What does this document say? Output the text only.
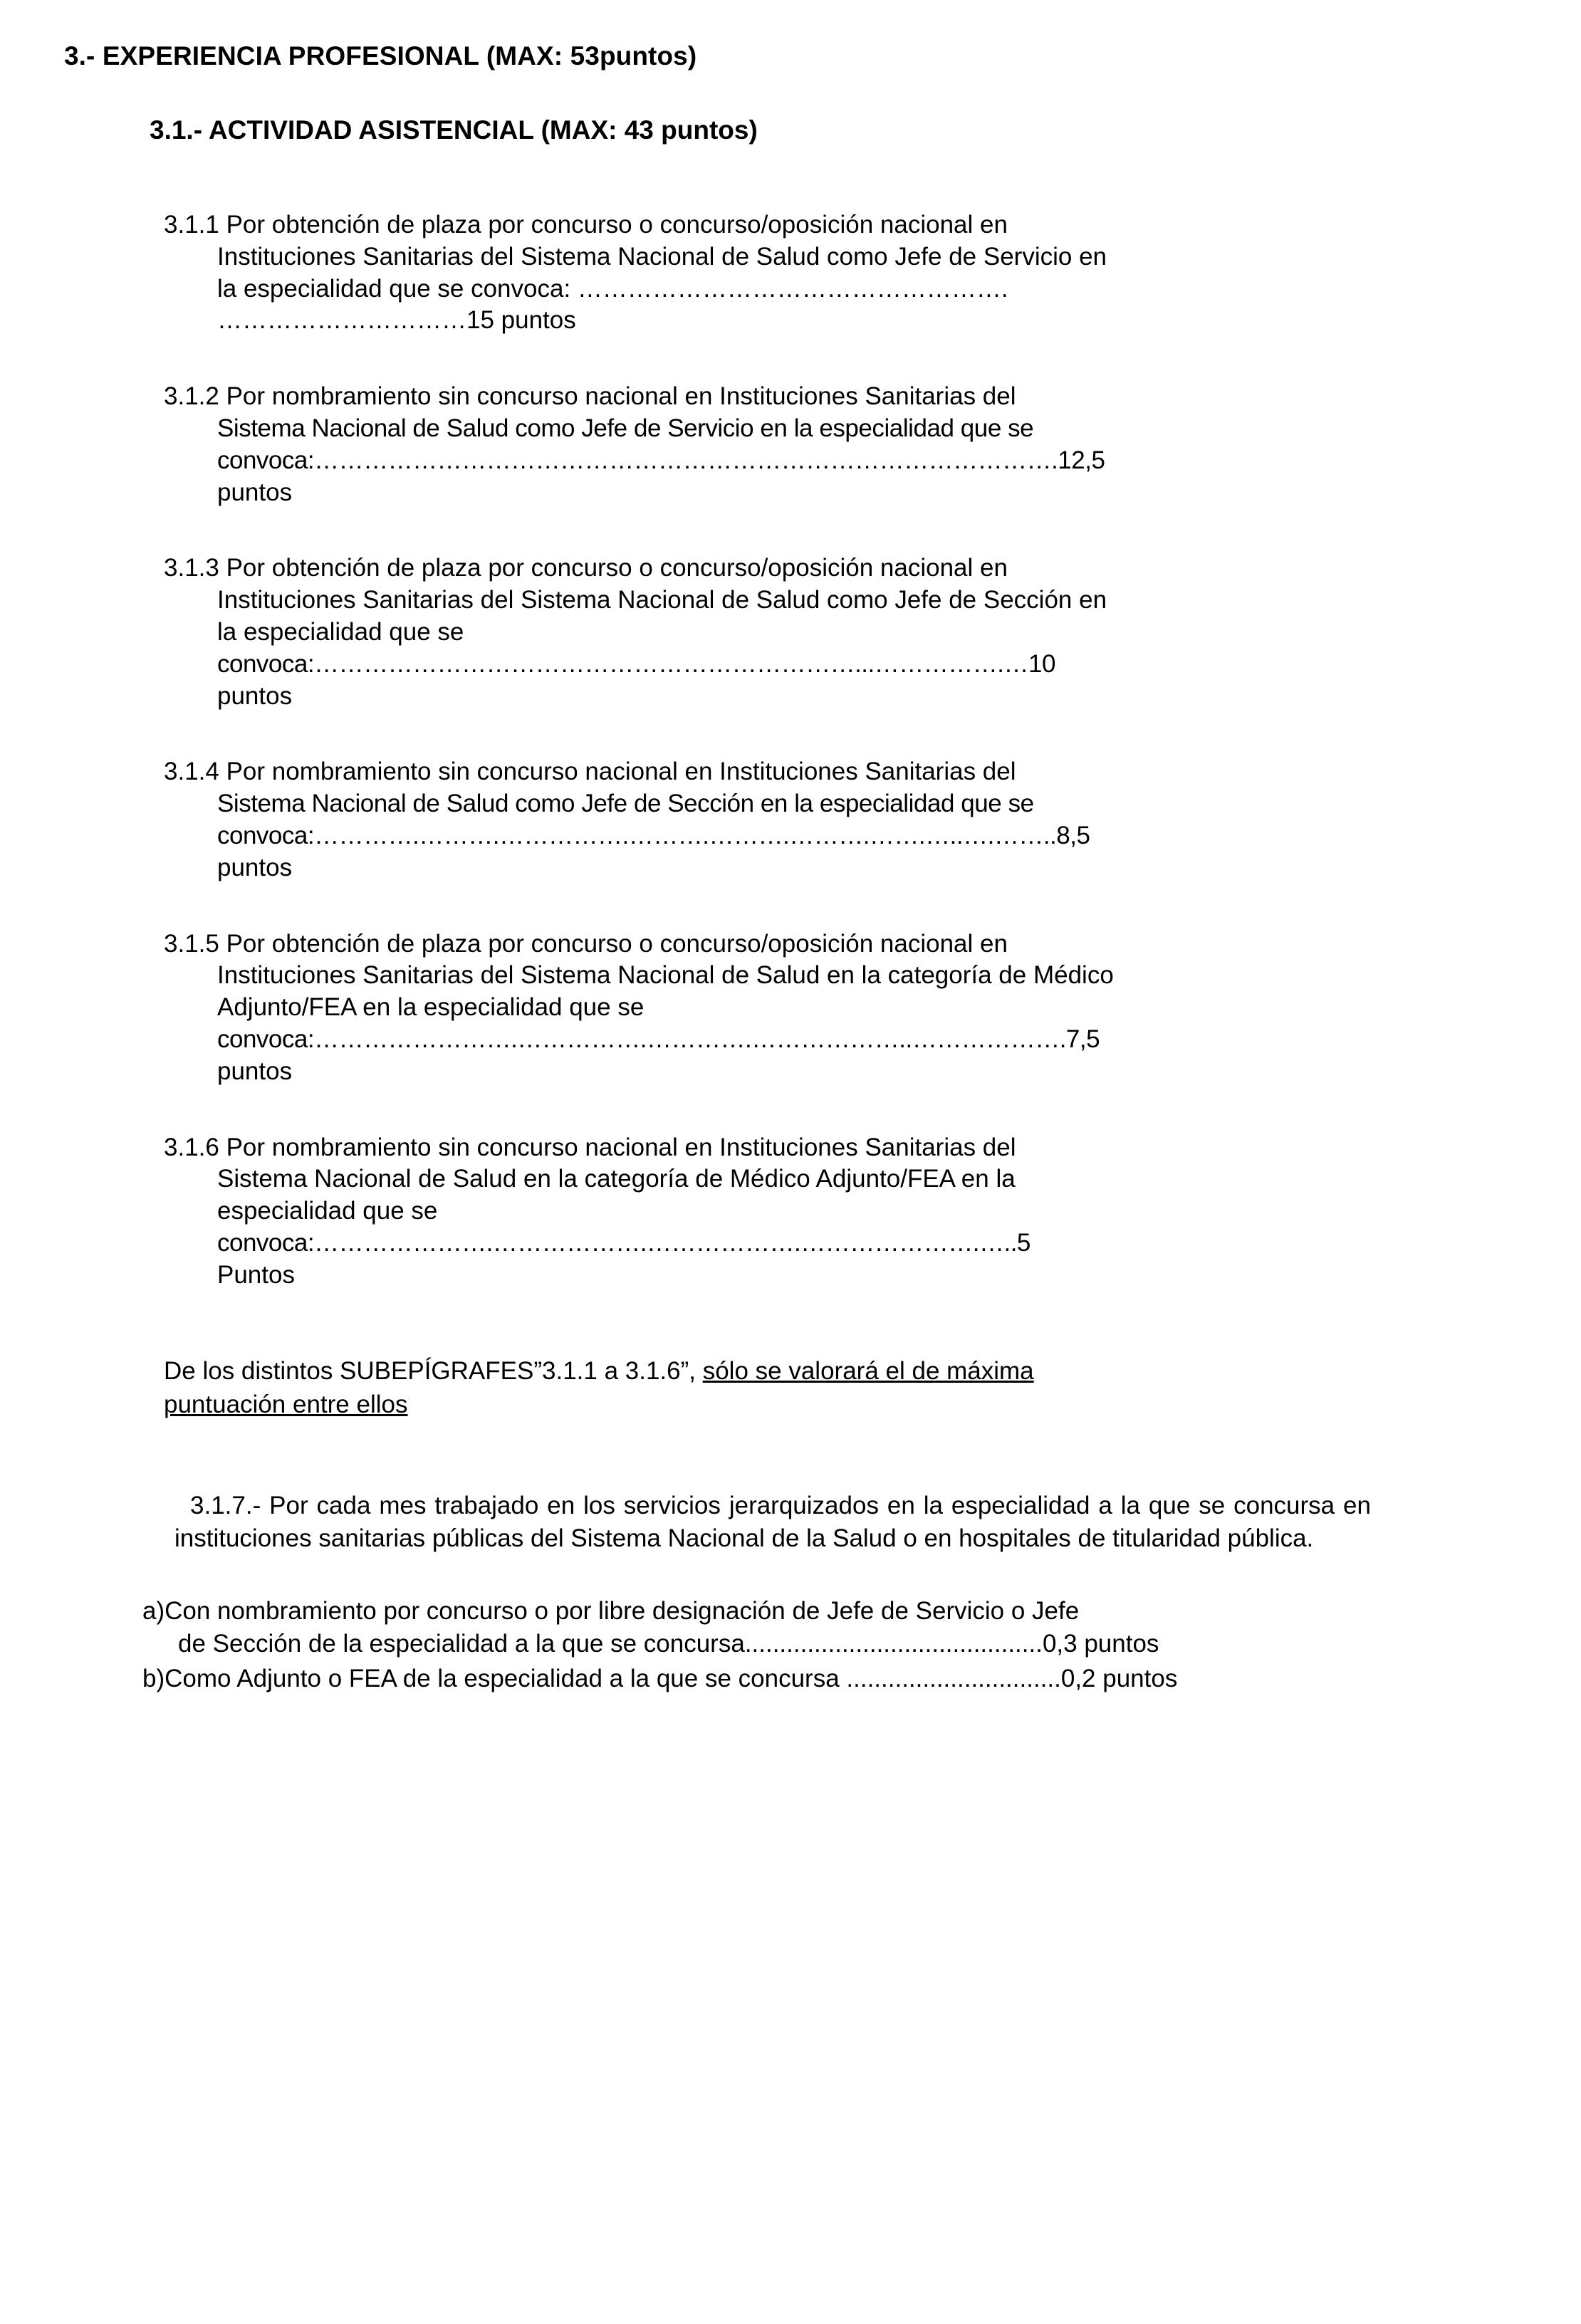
3.- EXPERIENCIA PROFESIONAL (MAX: 53puntos)
3.1.- ACTIVIDAD ASISTENCIAL (MAX: 43 puntos)
3.1.1 Por obtención de plaza por concurso o concurso/oposición nacional en
Instituciones Sanitarias del Sistema Nacional de Salud como Jefe de Servicio en
la especialidad que se convoca: …………………………………………….
…………………………15 puntos
3.1.2 Por nombramiento sin concurso nacional en Instituciones Sanitarias del
Sistema Nacional de Salud como Jefe de Servicio en la especialidad que se
convoca:……………………………………………………………………………….12,5
puntos
3.1.3 Por obtención de plaza por concurso o concurso/oposición nacional en
Instituciones Sanitarias del Sistema Nacional de Salud como Jefe de Sección en
la especialidad que se
convoca:…………………………………………………………...…………….…10
puntos
3.1.4 Por nombramiento sin concurso nacional en Instituciones Sanitarias del
Sistema Nacional de Salud como Jefe de Sección en la especialidad que se
convoca:………….……….…………….……….……….……….…….…..….……..8,5
puntos
3.1.5 Por obtención de plaza por concurso o concurso/oposición nacional en
Instituciones Sanitarias del Sistema Nacional de Salud en la categoría de Médico
Adjunto/FEA en la especialidad que se
convoca:…………………….…………….………….………………..……………….7,5
puntos
3.1.6 Por nombramiento sin concurso nacional en Instituciones Sanitarias del
Sistema Nacional de Salud en la categoría de Médico Adjunto/FEA en la
especialidad que se
convoca:………………….……………….……………….………………….…..5
Puntos
De los distintos SUBEPÍGRAFES”3.1.1 a 3.1.6”, sólo se valorará el de máxima
puntuación entre ellos
3.1.7.- Por cada mes trabajado en los servicios jerarquizados en la especialidad a la que se concursa en instituciones sanitarias públicas del Sistema Nacional de la Salud o en hospitales de titularidad pública.
a)Con nombramiento por concurso o por libre designación de Jefe de Servicio o Jefe

de Sección de la especialidad a la que se concursa...........................................0,3 puntos
b)Como Adjunto o FEA de la especialidad a la que se concursa ...............................0,2 puntos
